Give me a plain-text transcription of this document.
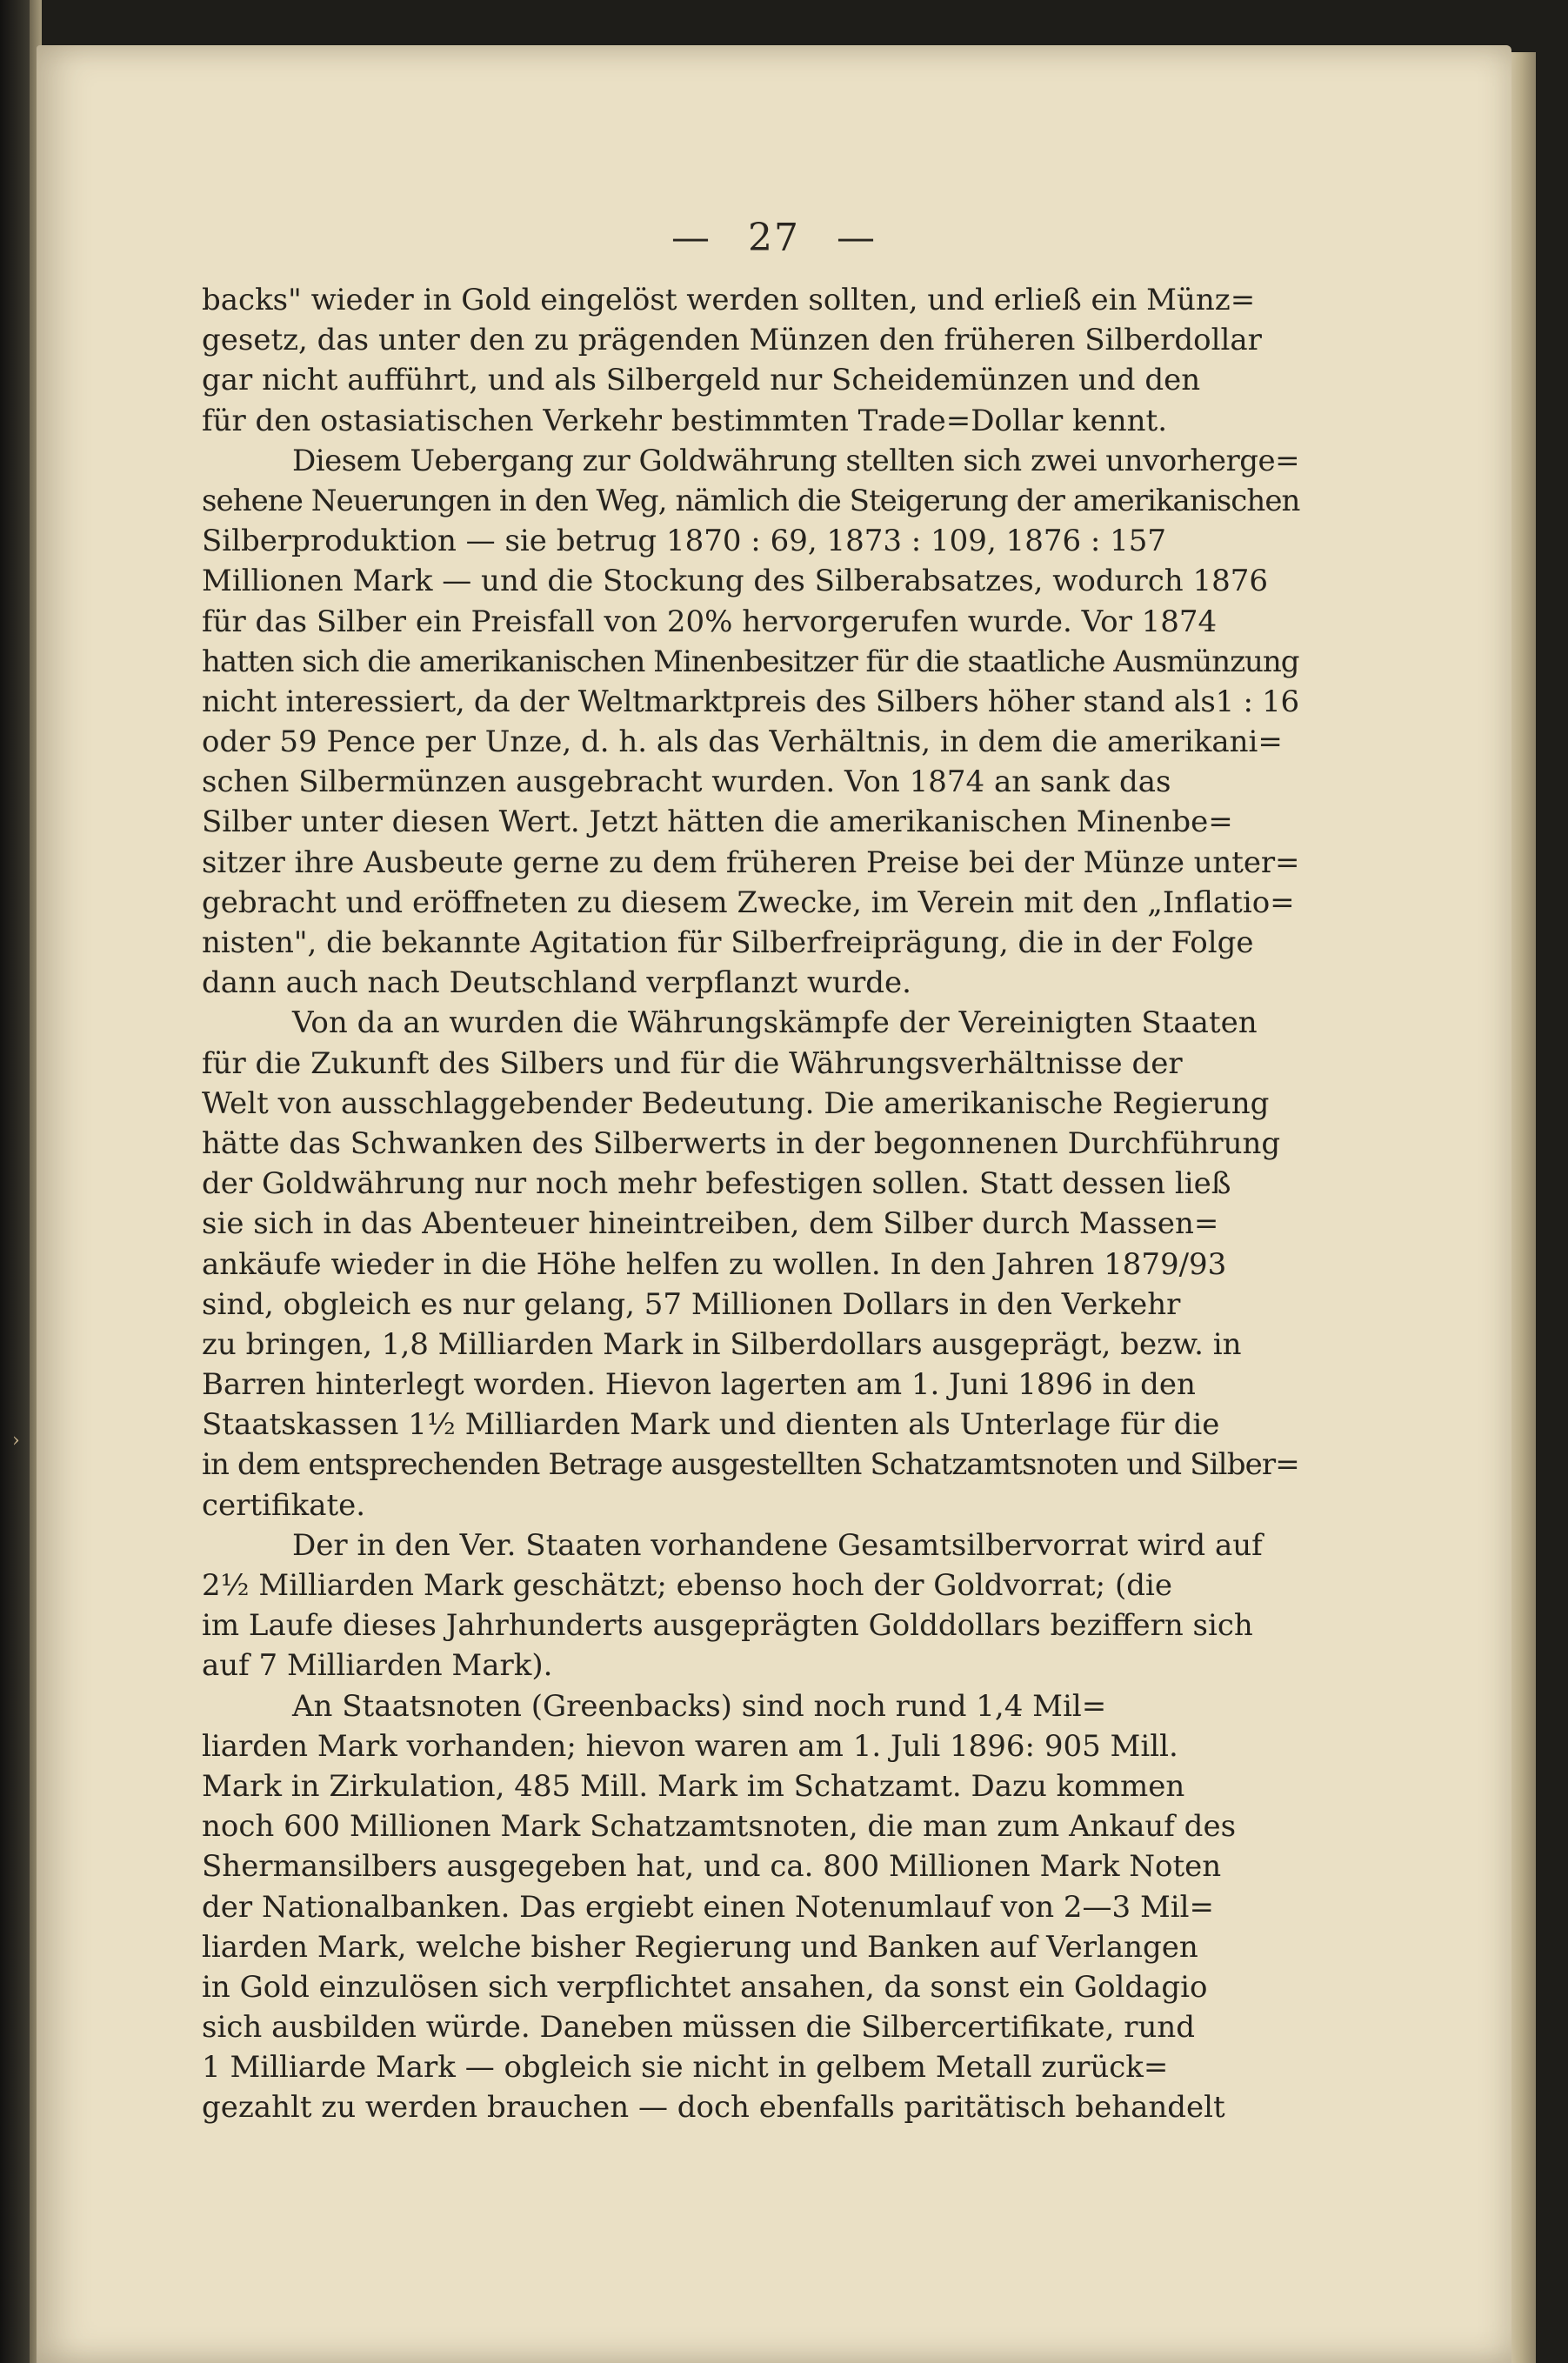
›
— 27 —
backs" wieder in Gold eingelöst werden sollten, und erließ ein Münz=
gesetz, das unter den zu prägenden Münzen den früheren Silberdollar
gar nicht aufführt, und als Silbergeld nur Scheidemünzen und den
für den ostasiatischen Verkehr bestimmten Trade=Dollar kennt.
Diesem Uebergang zur Goldwährung stellten sich zwei unvorherge=
sehene Neuerungen in den Weg, nämlich die Steigerung der amerikanischen
Silberproduktion — sie betrug 1870 : 69, 1873 : 109, 1876 : 157
Millionen Mark — und die Stockung des Silberabsatzes, wodurch 1876
für das Silber ein Preisfall von 20% hervorgerufen wurde. Vor 1874
hatten sich die amerikanischen Minenbesitzer für die staatliche Ausmünzung
nicht interessiert, da der Weltmarktpreis des Silbers höher stand als1 : 16
oder 59 Pence per Unze, d. h. als das Verhältnis, in dem die amerikani=
schen Silbermünzen ausgebracht wurden. Von 1874 an sank das
Silber unter diesen Wert. Jetzt hätten die amerikanischen Minenbe=
sitzer ihre Ausbeute gerne zu dem früheren Preise bei der Münze unter=
gebracht und eröffneten zu diesem Zwecke, im Verein mit den „Inflatio=
nisten", die bekannte Agitation für Silberfreiprägung, die in der Folge
dann auch nach Deutschland verpflanzt wurde.
Von da an wurden die Währungskämpfe der Vereinigten Staaten
für die Zukunft des Silbers und für die Währungsverhältnisse der
Welt von ausschlaggebender Bedeutung. Die amerikanische Regierung
hätte das Schwanken des Silberwerts in der begonnenen Durchführung
der Goldwährung nur noch mehr befestigen sollen. Statt dessen ließ
sie sich in das Abenteuer hineintreiben, dem Silber durch Massen=
ankäufe wieder in die Höhe helfen zu wollen. In den Jahren 1879/93
sind, obgleich es nur gelang, 57 Millionen Dollars in den Verkehr
zu bringen, 1,8 Milliarden Mark in Silberdollars ausgeprägt, bezw. in
Barren hinterlegt worden. Hievon lagerten am 1. Juni 1896 in den
Staatskassen 1½ Milliarden Mark und dienten als Unterlage für die
in dem entsprechenden Betrage ausgestellten Schatzamtsnoten und Silber=
certifikate.
Der in den Ver. Staaten vorhandene Gesamtsilbervorrat wird auf
2½ Milliarden Mark geschätzt; ebenso hoch der Goldvorrat; (die
im Laufe dieses Jahrhunderts ausgeprägten Golddollars beziffern sich
auf 7 Milliarden Mark).
An Staatsnoten (Greenbacks) sind noch rund 1,4 Mil=
liarden Mark vorhanden; hievon waren am 1. Juli 1896: 905 Mill.
Mark in Zirkulation, 485 Mill. Mark im Schatzamt. Dazu kommen
noch 600 Millionen Mark Schatzamtsnoten, die man zum Ankauf des
Shermansilbers ausgegeben hat, und ca. 800 Millionen Mark Noten
der Nationalbanken. Das ergiebt einen Notenumlauf von 2—3 Mil=
liarden Mark, welche bisher Regierung und Banken auf Verlangen
in Gold einzulösen sich verpflichtet ansahen, da sonst ein Goldagio
sich ausbilden würde. Daneben müssen die Silbercertifikate, rund
1 Milliarde Mark — obgleich sie nicht in gelbem Metall zurück=
gezahlt zu werden brauchen — doch ebenfalls paritätisch behandelt
